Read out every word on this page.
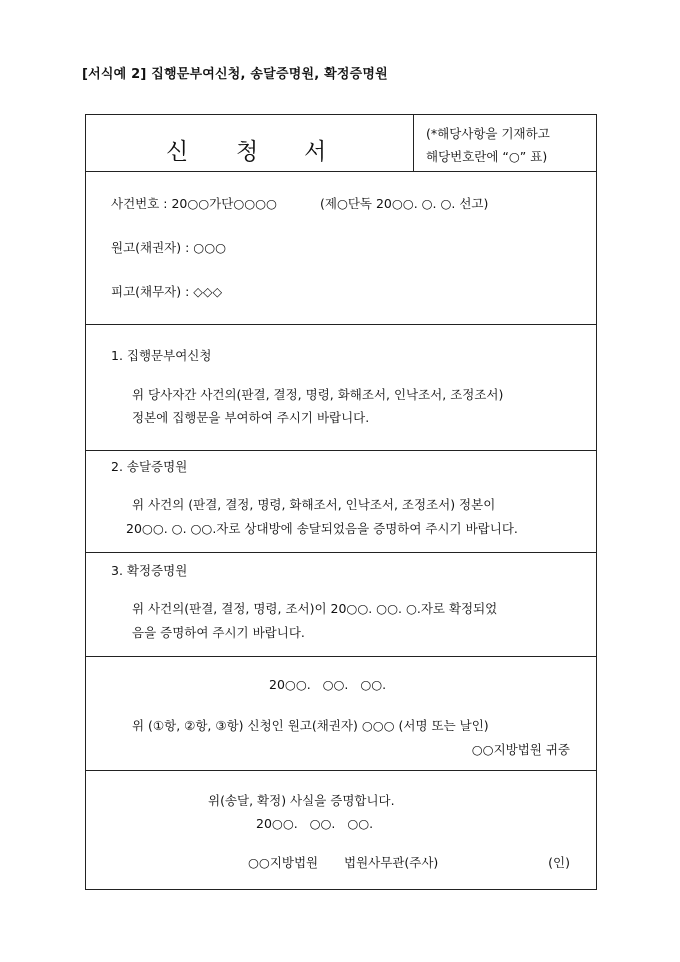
[서식예 2] 집행문부여신청, 송달증명원, 확정증명원
신 청 서
(*해당사항을 기재하고
해당번호란에 “○” 표)
사건번호 : 20○○가단○○○○	(제○단독 20○○. ○. ○. 선고)
원고(채권자) : ○○○
피고(채무자) : ◇◇◇
1. 집행문부여신청
위 당사자간 사건의(판결, 결정, 명령, 화해조서, 인낙조서, 조정조서)
정본에 집행문을 부여하여 주시기 바랍니다.
2. 송달증명원
위 사건의 (판결, 결정, 명령, 화해조서, 인낙조서, 조정조서) 정본이
20○○. ○. ○○.자로 상대방에 송달되었음을 증명하여 주시기 바랍니다.
3. 확정증명원
위 사건의(판결, 결정, 명령, 조서)이 20○○. ○○. ○.자로 확정되었
음을 증명하여 주시기 바랍니다.
20○○.   ○○.   ○○.
위 (①항, ②항, ③항) 신청인 원고(채권자) ○○○ (서명 또는 날인)
○○지방법원 귀중
위(송달, 확정) 사실을 증명합니다.
20○○.   ○○.   ○○.
○○지방법원 법원사무관(주사)	(인)
